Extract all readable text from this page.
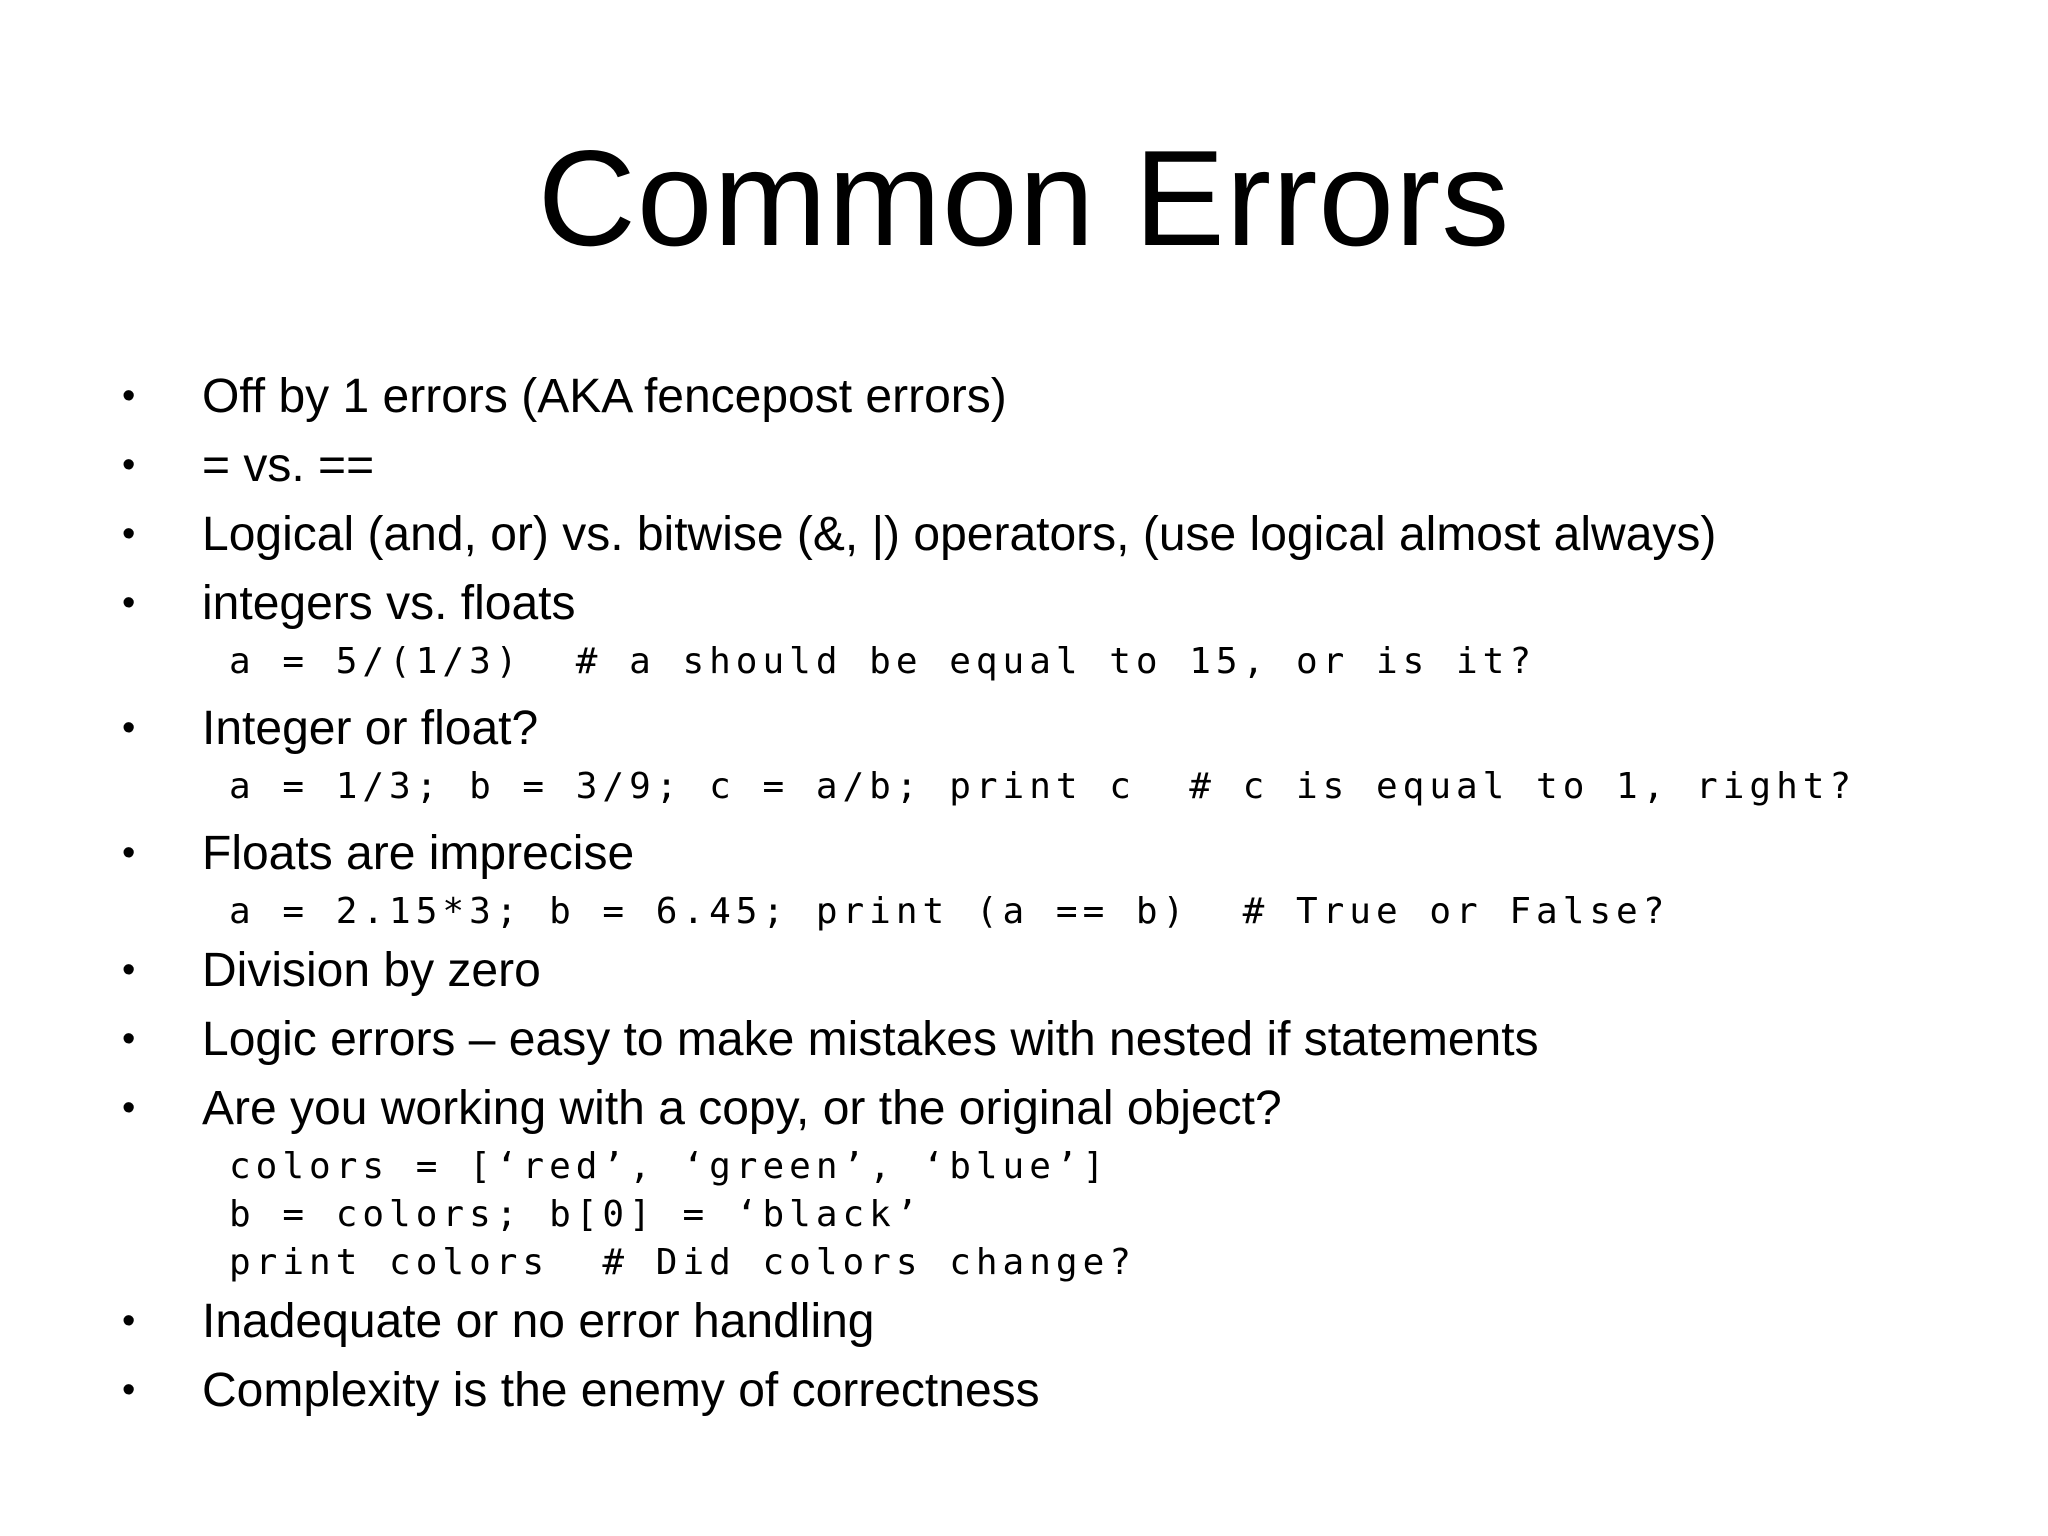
Common Errors
• Off by 1 errors (AKA fencepost errors)
• = vs. ==
• Logical (and, or) vs. bitwise (&, |) operators, (use logical almost always)
• integers vs. floats
a = 5/(1/3)  # a should be equal to 15, or is it?
• Integer or float?
a = 1/3; b = 3/9; c = a/b; print c  # c is equal to 1, right?
• Floats are imprecise
a = 2.15*3; b = 6.45; print (a == b)  # True or False?
• Division by zero
• Logic errors – easy to make mistakes with nested if statements
• Are you working with a copy, or the original object?
colors = [‘red’, ‘green’, ‘blue’]
b = colors; b[0] = ‘black’
print colors  # Did colors change?
• Inadequate or no error handling
• Complexity is the enemy of correctness
